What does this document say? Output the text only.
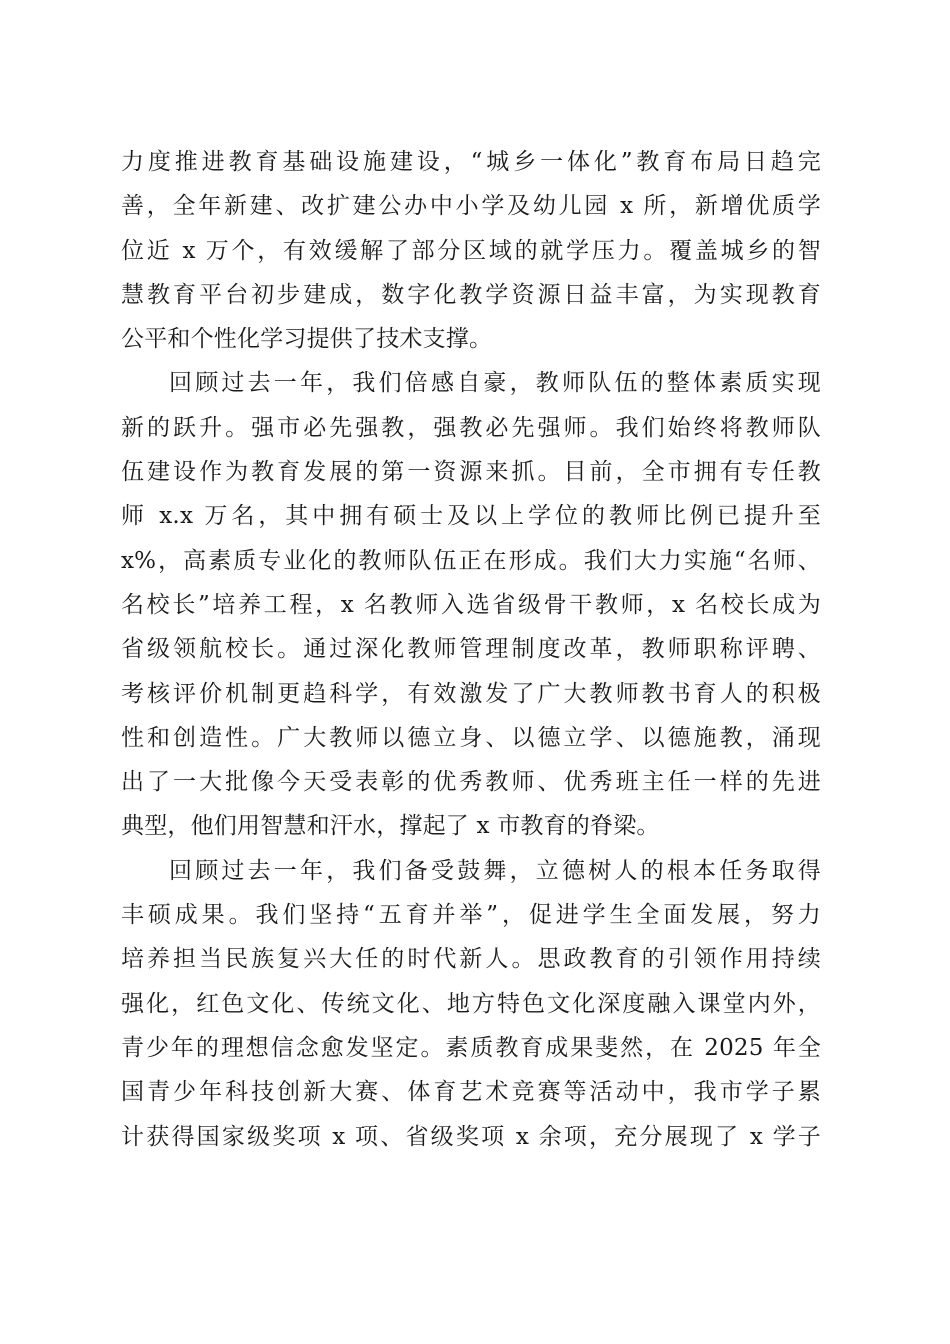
力度推进教育基础设施建设，“城乡一体化”教育布局日趋完
善，全年新建、改扩建公办中小学及幼儿园 x 所，新增优质学
位近 x 万个，有效缓解了部分区域的就学压力。覆盖城乡的智
慧教育平台初步建成，数字化教学资源日益丰富，为实现教育
公平和个性化学习提供了技术支撑。
回顾过去一年，我们倍感自豪，教师队伍的整体素质实现
新的跃升。强市必先强教，强教必先强师。我们始终将教师队
伍建设作为教育发展的第一资源来抓。目前，全市拥有专任教
师 x.x 万名，其中拥有硕士及以上学位的教师比例已提升至
x%，高素质专业化的教师队伍正在形成。我们大力实施“名师、
名校长”培养工程，x 名教师入选省级骨干教师，x 名校长成为
省级领航校长。通过深化教师管理制度改革，教师职称评聘、
考核评价机制更趋科学，有效激发了广大教师教书育人的积极
性和创造性。广大教师以德立身、以德立学、以德施教，涌现
出了一大批像今天受表彰的优秀教师、优秀班主任一样的先进
典型，他们用智慧和汗水，撑起了 x 市教育的脊梁。
回顾过去一年，我们备受鼓舞，立德树人的根本任务取得
丰硕成果。我们坚持“五育并举”，促进学生全面发展，努力
培养担当民族复兴大任的时代新人。思政教育的引领作用持续
强化，红色文化、传统文化、地方特色文化深度融入课堂内外，
青少年的理想信念愈发坚定。素质教育成果斐然，在 2025 年全
国青少年科技创新大赛、体育艺术竞赛等活动中，我市学子累
计获得国家级奖项 x 项、省级奖项 x 余项，充分展现了 x 学子
